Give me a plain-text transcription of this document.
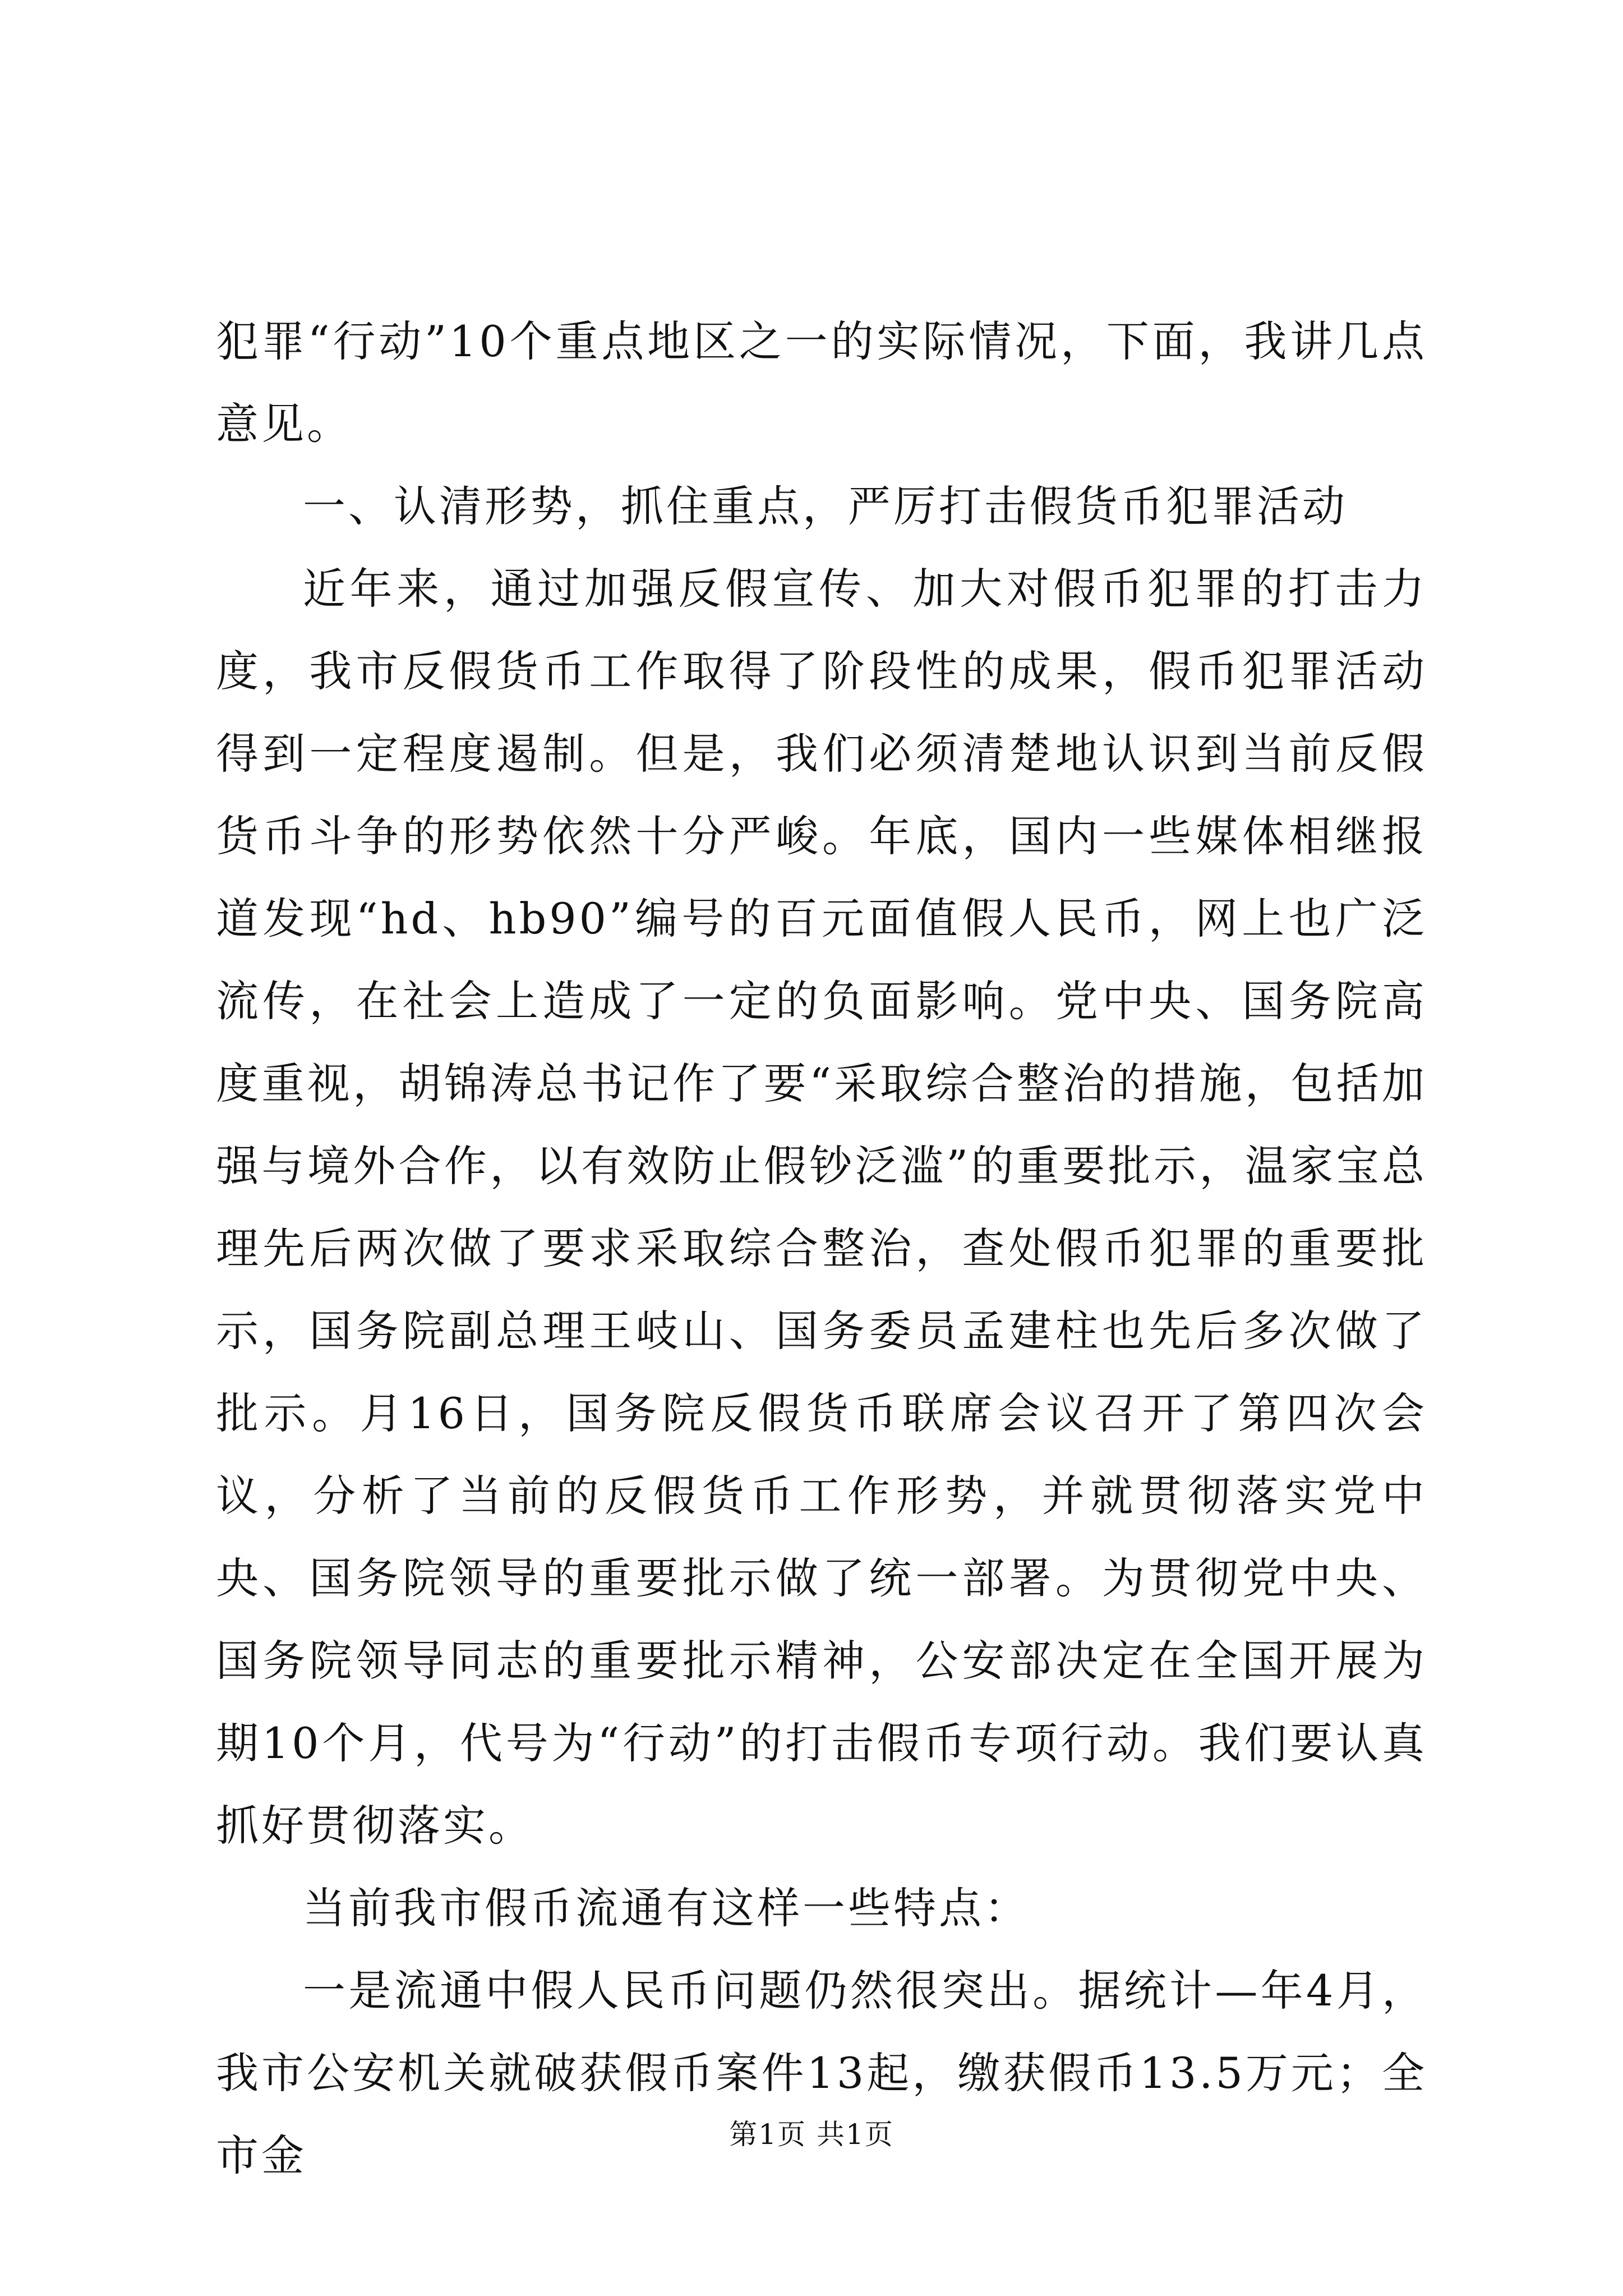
犯罪“行动”10个重点地区之一的实际情况，下面，我讲几点意见。

一、认清形势，抓住重点，严厉打击假货币犯罪活动

近年来，通过加强反假宣传、加大对假币犯罪的打击力度，我市反假货币工作取得了阶段性的成果，假币犯罪活动得到一定程度遏制。但是，我们必须清楚地认识到当前反假货币斗争的形势依然十分严峻。年底，国内一些媒体相继报道发现“hd、hb90”编号的百元面值假人民币，网上也广泛流传，在社会上造成了一定的负面影响。党中央、国务院高度重视，胡锦涛总书记作了要“采取综合整治的措施，包括加强与境外合作，以有效防止假钞泛滥”的重要批示，温家宝总理先后两次做了要求采取综合整治，查处假币犯罪的重要批示，国务院副总理王岐山、国务委员孟建柱也先后多次做了批示。月16日，国务院反假货币联席会议召开了第四次会议，分析了当前的反假货币工作形势，并就贯彻落实党中央、国务院领导的重要批示做了统一部署。为贯彻党中央、国务院领导同志的重要批示精神，公安部决定在全国开展为期10个月，代号为“行动”的打击假币专项行动。我们要认真抓好贯彻落实。

当前我市假币流通有这样一些特点：

一是流通中假人民币问题仍然很突出。据统计—年4月，我市公安机关就破获假币案件13起，缴获假币13.5万元；全市金	第1页 共1页
